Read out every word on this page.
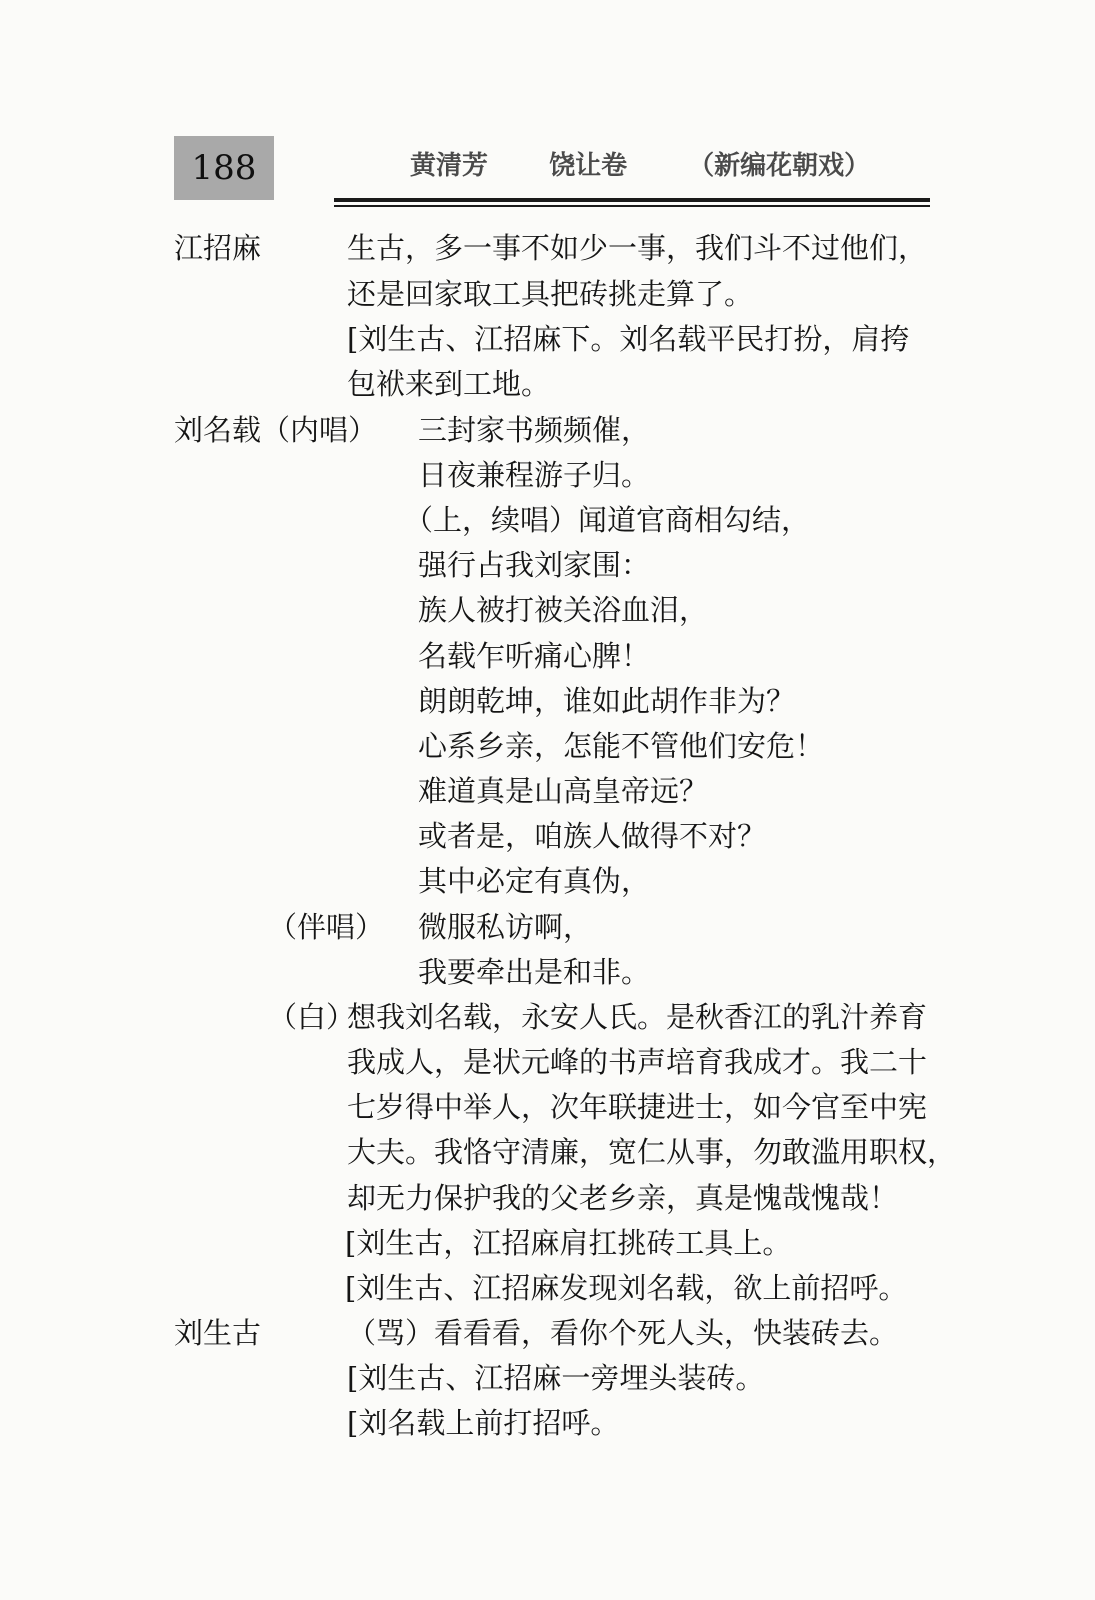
188	黄清芳 饶让卷 （新编花朝戏）
江招麻	生古，多一事不如少一事，我们斗不过他们，
还是回家取工具把砖挑走算了。
[刘生古、江招麻下。刘名载平民打扮，肩挎
包袱来到工地。
刘名载（内唱） 三封家书频频催，
日夜兼程游子归。
（上，续唱）闻道官商相勾结，
强行占我刘家围：
族人被打被关浴血泪，
名载乍听痛心脾！
朗朗乾坤，谁如此胡作非为？
心系乡亲，怎能不管他们安危！
难道真是山高皇帝远？
或者是，咱族人做得不对？
其中必定有真伪，
（伴唱） 微服私访啊，
我要牵出是和非。
（白）
想我刘名载，永安人氏。是秋香江的乳汁养育
我成人，是状元峰的书声培育我成才。我二十
七岁得中举人，次年联捷进士，如今官至中宪
大夫。我恪守清廉，宽仁从事，勿敢滥用职权，
却无力保护我的父老乡亲，真是愧哉愧哉！
[刘生古，江招麻肩扛挑砖工具上。
[刘生古、江招麻发现刘名载，欲上前招呼。
刘生古	（骂）看看看，看你个死人头，快装砖去。
[刘生古、江招麻一旁埋头装砖。
[刘名载上前打招呼。
